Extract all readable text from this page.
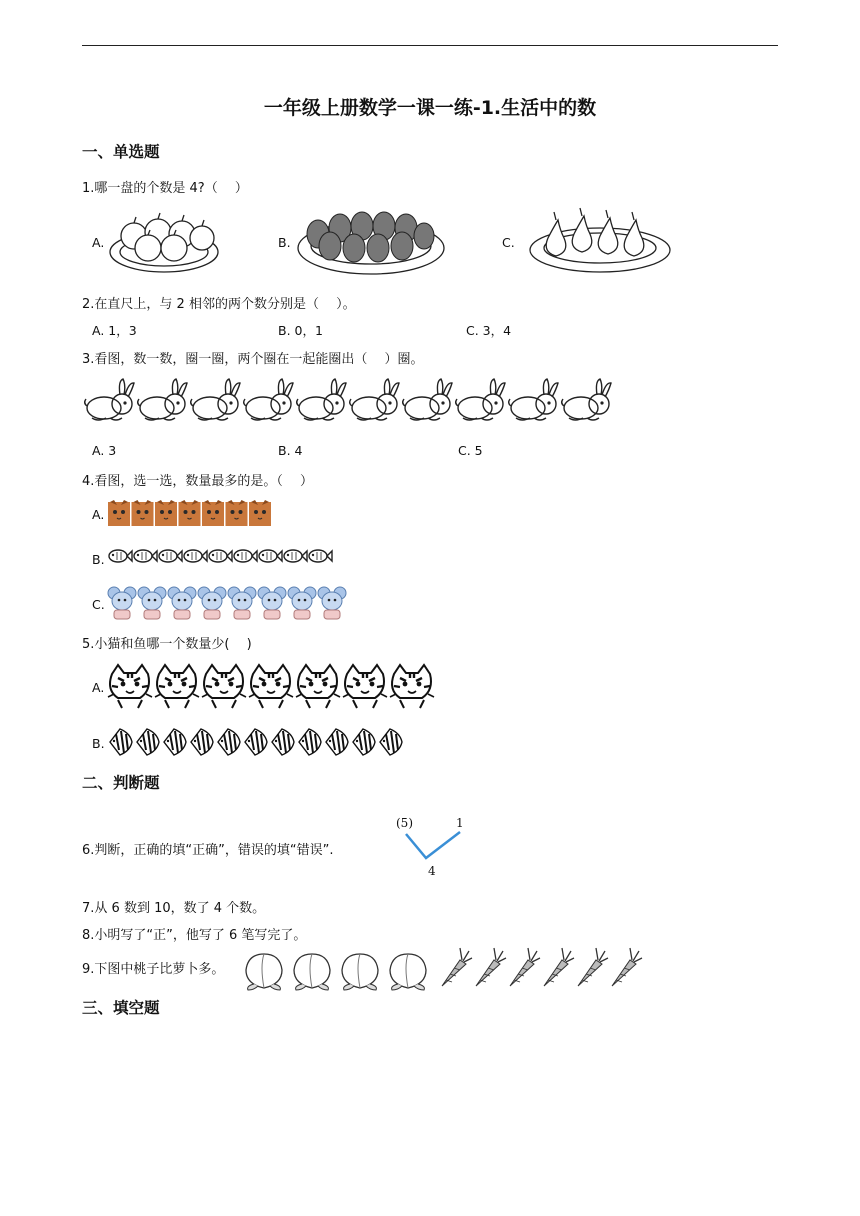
一年级上册数学一课一练-1.生活中的数
一、单选题
1.哪一盘的个数是 4?（　 ）
A.	B.	C.
2.在直尺上，与 2 相邻的两个数分别是（　 ）。
A. 1，3	B. 0，1	C. 3，4
3.看图，数一数，圈一圈，两个圈在一起能圈出（　 ）圈。
A. 3	B. 4	C. 5
4.看图，选一选，数量最多的是。（　 ）
A.
B.
C.
5.小猫和鱼哪一个数量少(　 )
A.
B.
二、判断题
6.判断，正确的填“正确”，错误的填“错误”.
(5)	1
4
7.从 6 数到 10，数了 4 个数。
8.小明写了“正”，他写了 6 笔写完了。
9.下图中桃子比萝卜多。
三、填空题
